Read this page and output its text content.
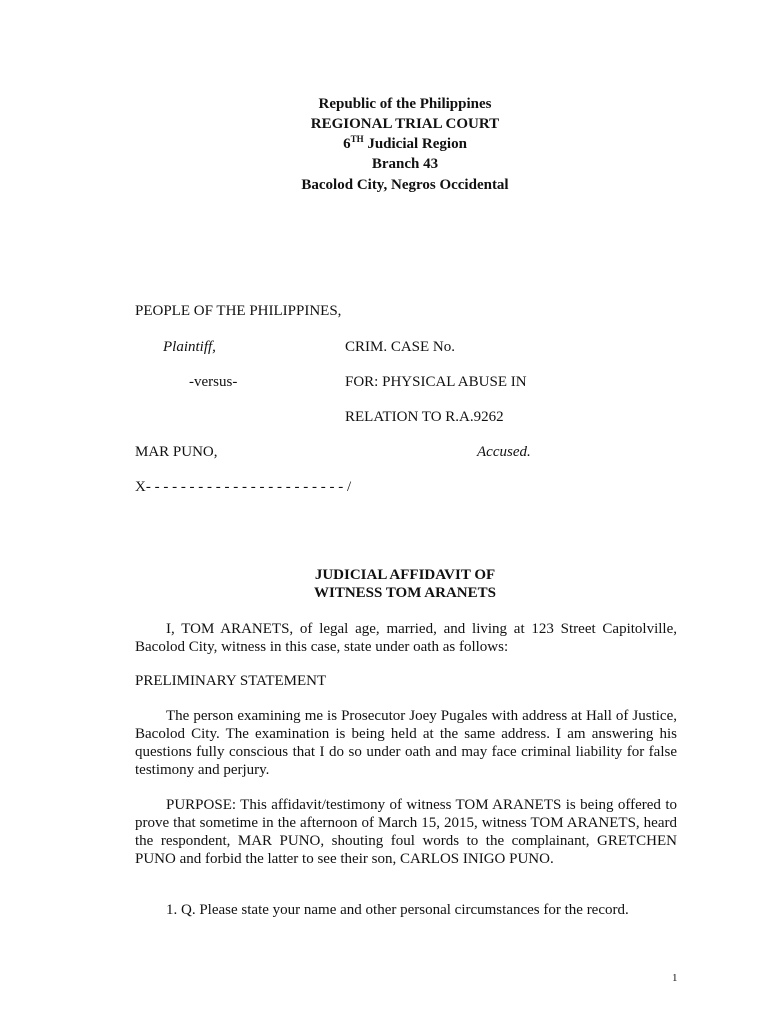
Republic of the Philippines
REGIONAL TRIAL COURT
6TH Judicial Region
Branch 43
Bacolod City, Negros Occidental
PEOPLE OF THE PHILIPPINES,
Plaintiff,	CRIM. CASE No.
-versus-	FOR: PHYSICAL ABUSE IN
RELATION TO R.A.9262
MAR PUNO,	Accused.
X- - - - - - - - - - - - - - - - - - - - - - - /
JUDICIAL AFFIDAVIT OF
WITNESS TOM ARANETS
I, TOM ARANETS, of legal age, married, and living at 123 Street Capitolville, Bacolod City, witness in this case, state under oath as follows:
PRELIMINARY STATEMENT
The person examining me is Prosecutor Joey Pugales with address at Hall of Justice, Bacolod City. The examination is being held at the same address. I am answering his questions fully conscious that I do so under oath and may face criminal liability for false testimony and perjury.
PURPOSE: This affidavit/testimony of witness TOM ARANETS is being offered to prove that sometime in the afternoon of March 15, 2015, witness TOM ARANETS, heard the respondent, MAR PUNO, shouting foul words to the complainant, GRETCHEN PUNO and forbid the latter to see their son, CARLOS INIGO PUNO.
1. Q. Please state your name and other personal circumstances for the record.
1
